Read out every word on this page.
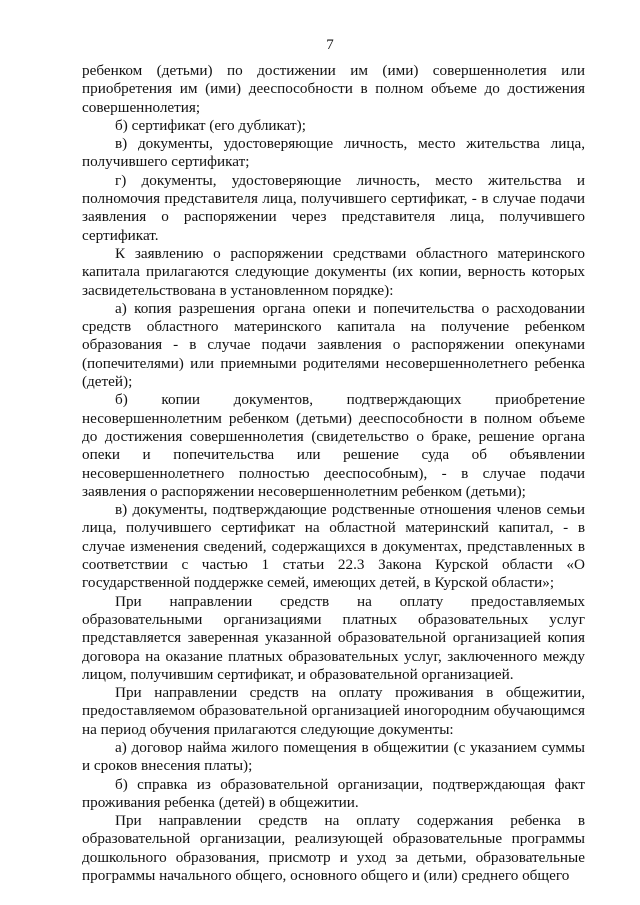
7

ребенком (детьми) по достижении им (ими) совершеннолетия или приобретения им (ими) дееспособности в полном объеме до достижения совершеннолетия;

б) сертификат (его дубликат);

в) документы, удостоверяющие личность, место жительства лица, получившего сертификат;

г) документы, удостоверяющие личность, место жительства и полномочия представителя лица, получившего сертификат, - в случае подачи заявления о распоряжении через представителя лица, получившего сертификат.

К заявлению о распоряжении средствами областного материнского капитала прилагаются следующие документы (их копии, верность которых засвидетельствована в установленном порядке):

а) копия разрешения органа опеки и попечительства о расходовании средств областного материнского капитала на получение ребенком образования - в случае подачи заявления о распоряжении опекунами (попечителями) или приемными родителями несовершеннолетнего ребенка (детей);

б) копии документов, подтверждающих приобретение несовершеннолетним ребенком (детьми) дееспособности в полном объеме до достижения совершеннолетия (свидетельство о браке, решение органа опеки и попечительства или решение суда об объявлении несовершеннолетнего полностью дееспособным), - в случае подачи заявления о распоряжении несовершеннолетним ребенком (детьми);

в) документы, подтверждающие родственные отношения членов семьи лица, получившего сертификат на областной материнский капитал, - в случае изменения сведений, содержащихся в документах, представленных в соответствии с частью 1 статьи 22.3 Закона Курской области «О государственной поддержке семей, имеющих детей, в Курской области»;

При направлении средств на оплату предоставляемых образовательными организациями платных образовательных услуг представляется заверенная указанной образовательной организацией копия договора на оказание платных образовательных услуг, заключенного между лицом, получившим сертификат, и образовательной организацией.

При направлении средств на оплату проживания в общежитии, предоставляемом образовательной организацией иногородним обучающимся на период обучения прилагаются следующие документы:

а) договор найма жилого помещения в общежитии (с указанием суммы и сроков внесения платы);

б) справка из образовательной организации, подтверждающая факт проживания ребенка (детей) в общежитии.

При направлении средств на оплату содержания ребенка в образовательной организации, реализующей образовательные программы дошкольного образования, присмотр и уход за детьми, образовательные программы начального общего, основного общего и (или) среднего общего
